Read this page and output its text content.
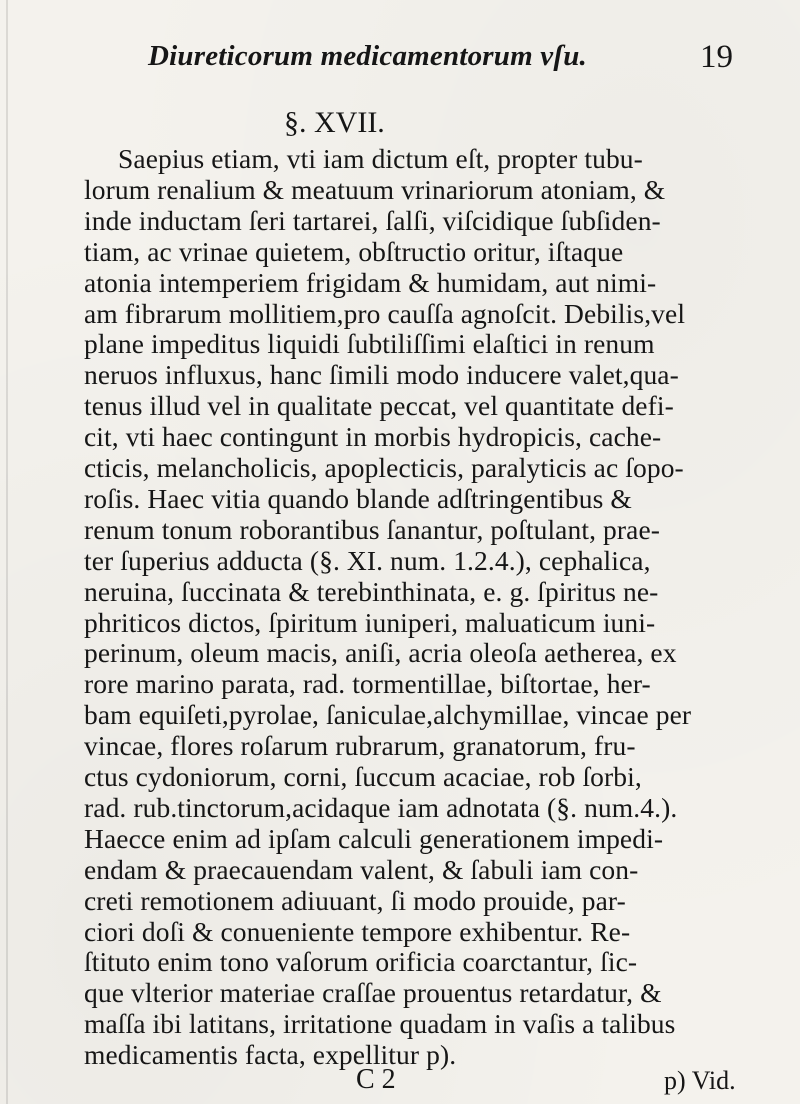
Diureticorum medicamentorum vſu.	19
§. XVII.
Saepius etiam, vti iam dictum eſt, propter tubu-
lorum renalium & meatuum vrinariorum atoniam, &
inde inductam ſeri tartarei, ſalſi, viſcidique ſubſiden-
tiam, ac vrinae quietem, obſtructio oritur, iſtaque
atonia intemperiem frigidam & humidam, aut nimi-
am fibrarum mollitiem,pro cauſſa agnoſcit. Debilis,vel
plane impeditus liquidi ſubtiliſſimi elaſtici in renum
neruos influxus, hanc ſimili modo inducere valet,qua-
tenus illud vel in qualitate peccat, vel quantitate defi-
cit, vti haec contingunt in morbis hydropicis, cache-
cticis, melancholicis, apoplecticis, paralyticis ac ſopo-
roſis. Haec vitia quando blande adſtringentibus &
renum tonum roborantibus ſanantur, poſtulant, prae-
ter ſuperius adducta (§. XI. num. 1.2.4.), cephalica,
neruina, ſuccinata & terebinthinata, e. g. ſpiritus ne-
phriticos dictos, ſpiritum iuniperi, maluaticum iuni-
perinum, oleum macis, aniſi, acria oleoſa aetherea, ex
rore marino parata, rad. tormentillae, biſtortae, her-
bam equiſeti,pyrolae, ſaniculae,alchymillae, vincae per
vincae, flores roſarum rubrarum, granatorum, fru-
ctus cydoniorum, corni, ſuccum acaciae, rob ſorbi,
rad. rub.tinctorum,acidaque iam adnotata (§. num.4.).
Haecce enim ad ipſam calculi generationem impedi-
endam & praecauendam valent, & ſabuli iam con-
creti remotionem adiuuant, ſi modo prouide, par-
ciori doſi & conueniente tempore exhibentur. Re-
ſtituto enim tono vaſorum orificia coarctantur, ſic-
que vlterior materiae craſſae prouentus retardatur, &
maſſa ibi latitans, irritatione quadam in vaſis a talibus
medicamentis facta, expellitur p).
C 2	p) Vid.
